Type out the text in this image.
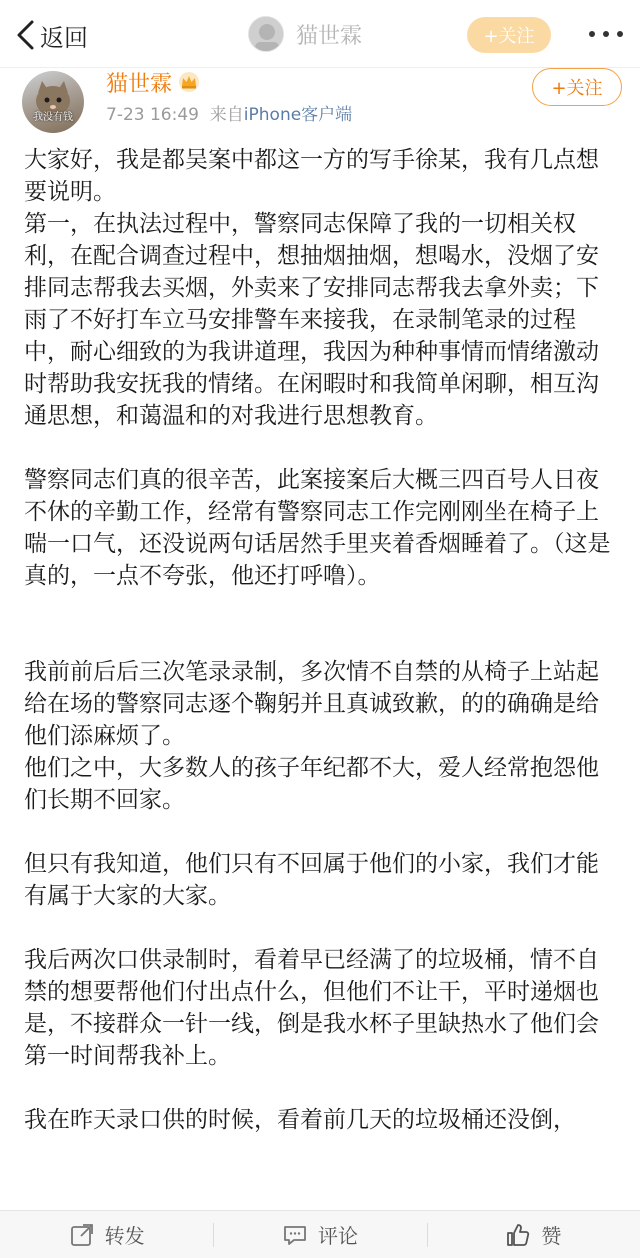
返回	猫世霖	+关注
我没有钱
猫世霖
7-23 16:49 来自iPhone客户端
+关注

大家好，我是都吴案中都这一方的写手徐某，我有几点想要说明。

第一，在执法过程中，警察同志保障了我的一切相关权利，在配合调查过程中，想抽烟抽烟，想喝水，没烟了安排同志帮我去买烟，外卖来了安排同志帮我去拿外卖；下雨了不好打车立马安排警车来接我，在录制笔录的过程中，耐心细致的为我讲道理，我因为种种事情而情绪激动时帮助我安抚我的情绪。在闲暇时和我简单闲聊，相互沟通思想，和蔼温和的对我进行思想教育。

警察同志们真的很辛苦，此案接案后大概三四百号人日夜不休的辛勤工作，经常有警察同志工作完刚刚坐在椅子上喘一口气，还没说两句话居然手里夹着香烟睡着了。（这是真的，一点不夸张，他还打呼噜）。

我前前后后三次笔录录制，多次情不自禁的从椅子上站起给在场的警察同志逐个鞠躬并且真诚致歉，的的确确是给他们添麻烦了。

他们之中，大多数人的孩子年纪都不大，爱人经常抱怨他们长期不回家。

但只有我知道，他们只有不回属于他们的小家，我们才能有属于大家的大家。

我后两次口供录制时，看着早已经满了的垃圾桶，情不自禁的想要帮他们付出点什么，但他们不让干，平时递烟也是，不接群众一针一线，倒是我水杯子里缺热水了他们会第一时间帮我补上。

我在昨天录口供的时候，看着前几天的垃圾桶还没倒，

转发	评论	赞
